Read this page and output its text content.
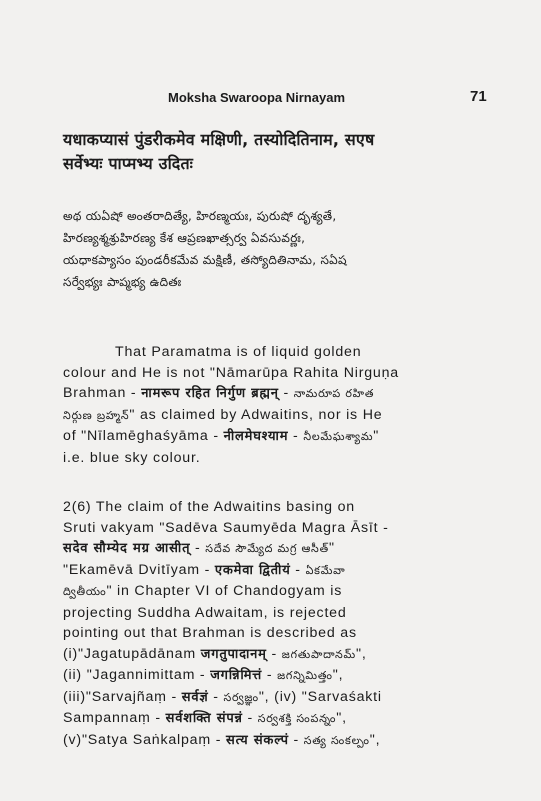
Moksha Swaroopa Nirnayam	71
यधाकप्यासं पुंडरीकमेव मक्षिणी, तस्योदितिनाम, सएष
सर्वेभ्यः पाप्मभ्य उदितः
అథ యఏషో అంతరాదిత్యే, హిరణ్మయః, పురుషో దృశ్యతే,
హిరణ్యశ్మశ్రుహిరణ్య కేశ ఆప్రణఖాత్సర్వ ఏవసువర్ణః,
యధాకప్యాసం పుండరీకమేవ మక్షిణీ, తస్యోదితినామ, సఏష
సర్వేభ్యః పాప్మభ్య ఉదితః
That Paramatma is of liquid golden
colour and He is not "Nāmarūpa Rahita Nirguṇa
Brahman - नामरूप रहित निर्गुण ब्रह्मन् - నామరూప రహిత
నిర్గుణ బ్రహ్మన్" as claimed by Adwaitins, nor is He
of "Nīlamēghaśyāma - नीलमेघश्याम - నీలమేఘశ్యామ"
i.e. blue sky colour.
2(6) The claim of the Adwaitins basing on
Sruti vakyam "Sadēva Saumyēda Magra Āsīt -
सदेव सौम्येद मग्र आसीत् - సదేవ సౌమ్యేద మగ్ర ఆసీత్"
"Ekamēvā Dvitīyam - एकमेवा द्वितीयं - ఏకమేవా
ద్వితీయం" in Chapter VI of Chandogyam is
projecting Suddha Adwaitam, is rejected
pointing out that Brahman is described as
(i)"Jagatupādānam जगतुपादानम् - జగతుపాదానమ్",
(ii) "Jagannimittam - जगन्निमित्तं - జగన్నిమిత్తం",
(iii)"Sarvajñaṃ - सर्वज्ञं - సర్వజ్ఞం", (iv) "Sarvaśakti
Sampannaṃ - सर्वशक्ति संपन्नं - సర్వశక్తి సంపన్నం",
(v)"Satya Saṅkalpaṃ - सत्य संकल्पं - సత్య సంకల్పం",
